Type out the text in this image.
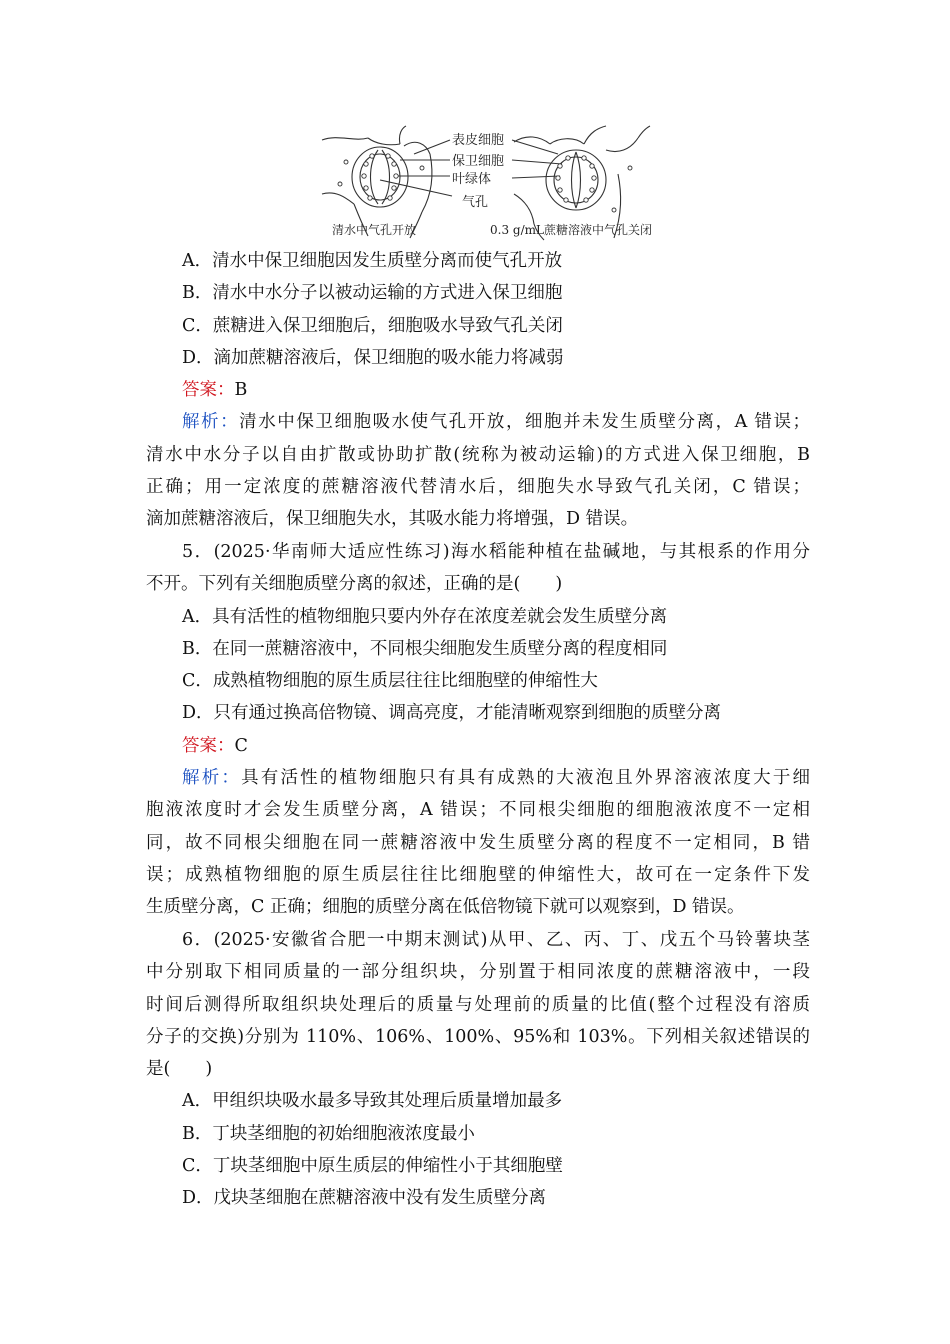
表皮细胞
保卫细胞
叶绿体
气孔
清水中气孔开放	0.3 g/mL蔗糖溶液中气孔关闭
A．清水中保卫细胞因发生质壁分离而使气孔开放
B．清水中水分子以被动运输的方式进入保卫细胞
C．蔗糖进入保卫细胞后，细胞吸水导致气孔关闭
D．滴加蔗糖溶液后，保卫细胞的吸水能力将减弱
答案：B
解析：清水中保卫细胞吸水使气孔开放，细胞并未发生质壁分离，A 错误；
清水中水分子以自由扩散或协助扩散(统称为被动运输)的方式进入保卫细胞，B
正确；用一定浓度的蔗糖溶液代替清水后，细胞失水导致气孔关闭，C 错误；
滴加蔗糖溶液后，保卫细胞失水，其吸水能力将增强，D 错误。
5．(2025·华南师大适应性练习)海水稻能种植在盐碱地，与其根系的作用分
不开。下列有关细胞质壁分离的叙述，正确的是(　　)
A．具有活性的植物细胞只要内外存在浓度差就会发生质壁分离
B．在同一蔗糖溶液中，不同根尖细胞发生质壁分离的程度相同
C．成熟植物细胞的原生质层往往比细胞壁的伸缩性大
D．只有通过换高倍物镜、调高亮度，才能清晰观察到细胞的质壁分离
答案：C
解析：具有活性的植物细胞只有具有成熟的大液泡且外界溶液浓度大于细
胞液浓度时才会发生质壁分离，A 错误；不同根尖细胞的细胞液浓度不一定相
同，故不同根尖细胞在同一蔗糖溶液中发生质壁分离的程度不一定相同，B 错
误；成熟植物细胞的原生质层往往比细胞壁的伸缩性大，故可在一定条件下发
生质壁分离，C 正确；细胞的质壁分离在低倍物镜下就可以观察到，D 错误。
6．(2025·安徽省合肥一中期末测试)从甲、乙、丙、丁、戊五个马铃薯块茎
中分别取下相同质量的一部分组织块，分别置于相同浓度的蔗糖溶液中，一段
时间后测得所取组织块处理后的质量与处理前的质量的比值(整个过程没有溶质
分子的交换)分别为 110%、106%、100%、95%和 103%。下列相关叙述错误的
是(　　)
A．甲组织块吸水最多导致其处理后质量增加最多
B．丁块茎细胞的初始细胞液浓度最小
C．丁块茎细胞中原生质层的伸缩性小于其细胞壁
D．戊块茎细胞在蔗糖溶液中没有发生质壁分离
